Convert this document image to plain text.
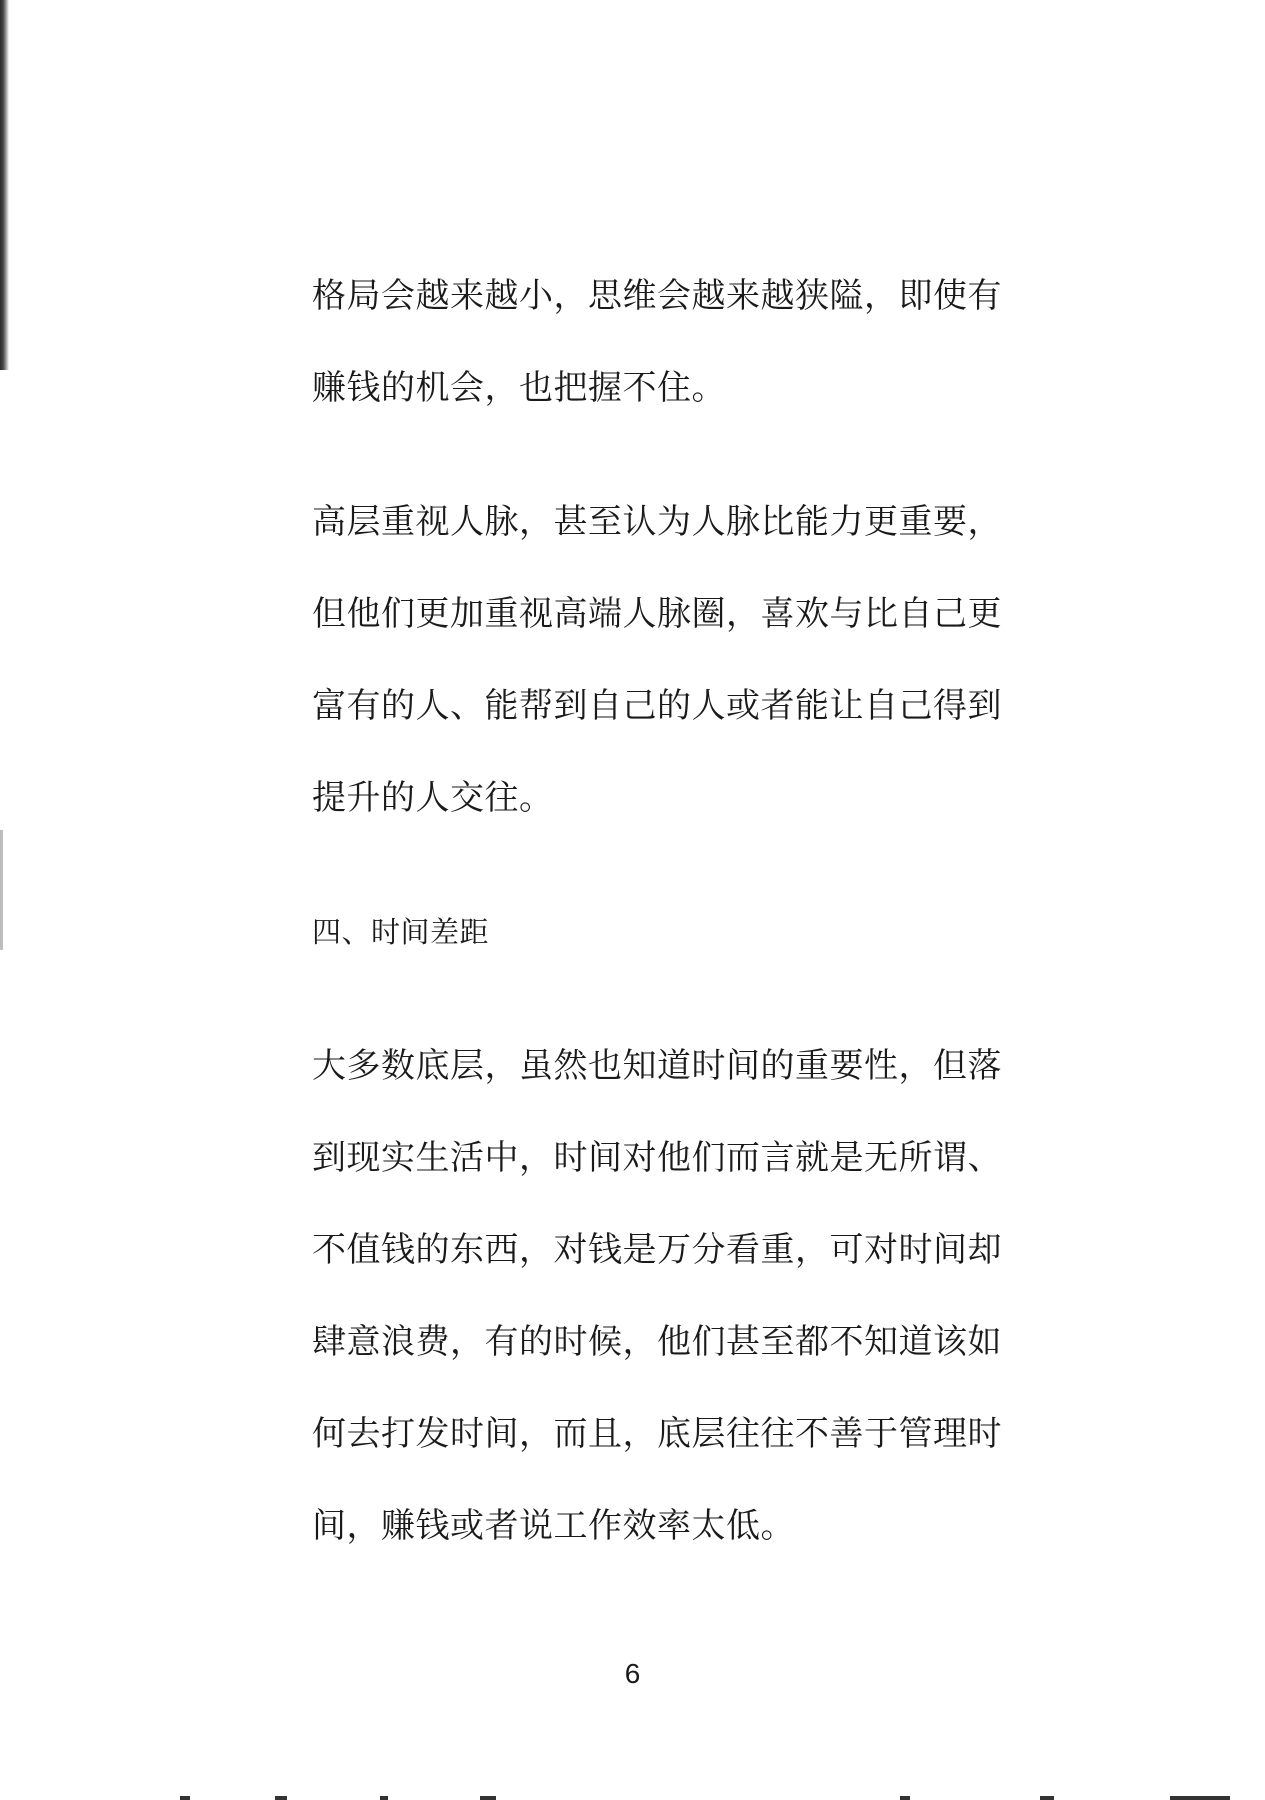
格局会越来越小，思维会越来越狭隘，即使有
赚钱的机会，也把握不住。

高层重视人脉，甚至认为人脉比能力更重要，
但他们更加重视高端人脉圈，喜欢与比自己更
富有的人、能帮到自己的人或者能让自己得到
提升的人交往。

四、时间差距

大多数底层，虽然也知道时间的重要性，但落
到现实生活中，时间对他们而言就是无所谓、
不值钱的东西，对钱是万分看重，可对时间却
肆意浪费，有的时候，他们甚至都不知道该如
何去打发时间，而且，底层往往不善于管理时
间，赚钱或者说工作效率太低。

6
